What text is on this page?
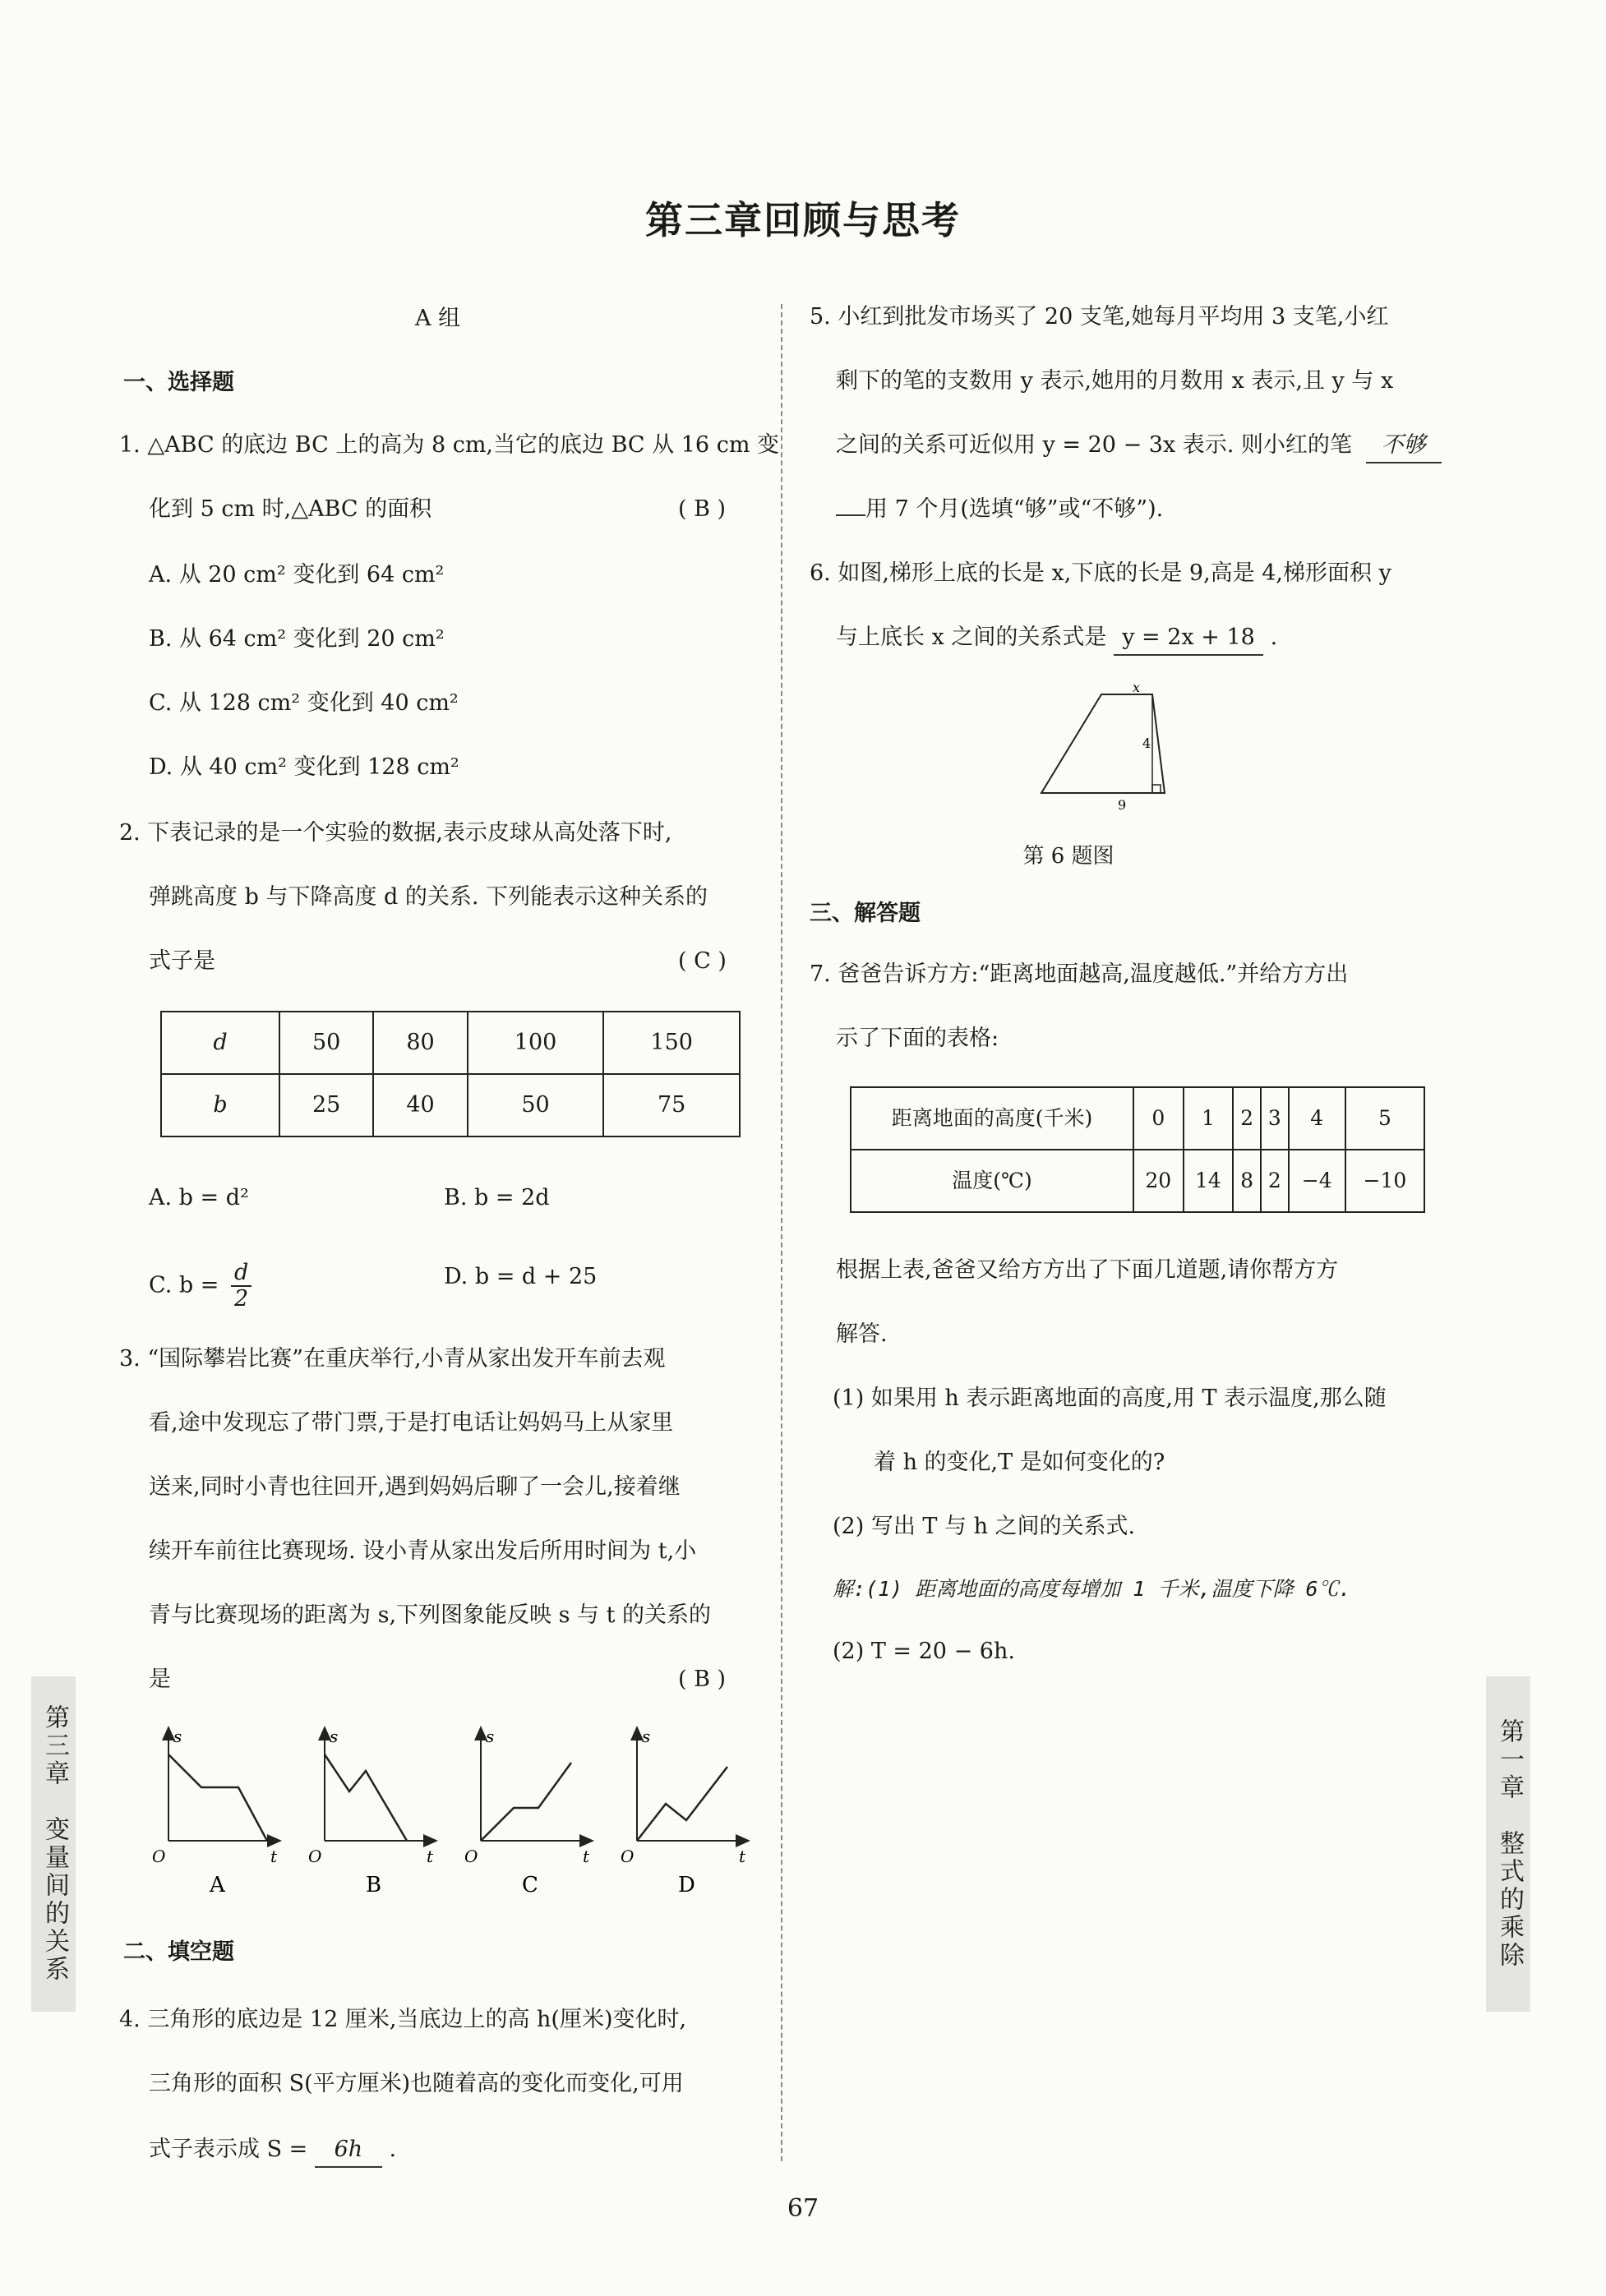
第三章回顾与思考
第三章　变量间的关系	第一章　整式的乘除
A 组
一、选择题
1. △ABC 的底边 BC 上的高为 8 cm,当它的底边 BC 从 16 cm 变
化到 5 cm 时,△ABC 的面积	( B )
A. 从 20 cm² 变化到 64 cm²
B. 从 64 cm² 变化到 20 cm²
C. 从 128 cm² 变化到 40 cm²
D. 从 40 cm² 变化到 128 cm²
2. 下表记录的是一个实验的数据,表示皮球从高处落下时,
弹跳高度 b 与下降高度 d 的关系. 下列能表示这种关系的
式子是	( C )
d	50	80	100	150
b	25	40	50	75
A. b = d²	B. b = 2d
C. $b = \frac{d}{2}$	D. b = d + 25
3. “国际攀岩比赛”在重庆举行,小青从家出发开车前去观
看,途中发现忘了带门票,于是打电话让妈妈马上从家里
送来,同时小青也往回开,遇到妈妈后聊了一会儿,接着继
续开车前往比赛现场. 设小青从家出发后所用时间为 t,小
青与比赛现场的距离为 s,下列图象能反映 s 与 t 的关系的
是	( B )
s
t
O
A
s
t
O
B
s
t
O
C
s
t
O
D
二、填空题
4. 三角形的底边是 12 厘米,当底边上的高 h(厘米)变化时,
三角形的面积 S(平方厘米)也随着高的变化而变化,可用
式子表示成 S = 6h .
5. 小红到批发市场买了 20 支笔,她每月平均用 3 支笔,小红
剩下的笔的支数用 y 表示,她用的月数用 x 表示,且 y 与 x
之间的关系可近似用 y = 20 − 3x 表示. 则小红的笔 不够
用 7 个月(选填“够”或“不够”).
6. 如图,梯形上底的长是 x,下底的长是 9,高是 4,梯形面积 y
与上底长 x 之间的关系式是 y = 2x + 18 .
x
4
9
第 6 题图
三、解答题
7. 爸爸告诉方方:“距离地面越高,温度越低.”并给方方出
示了下面的表格:
距离地面的高度(千米)	0	1	2	3	4	5
温度(℃)	20	14	8	2	−4	−10
根据上表,爸爸又给方方出了下面几道题,请你帮方方
解答.
(1) 如果用 h 表示距离地面的高度,用 T 表示温度,那么随
着 h 的变化,T 是如何变化的?
(2) 写出 T 与 h 之间的关系式.
解:(1) 距离地面的高度每增加 1 千米,温度下降 6℃.
(2) T = 20 − 6h.
67
